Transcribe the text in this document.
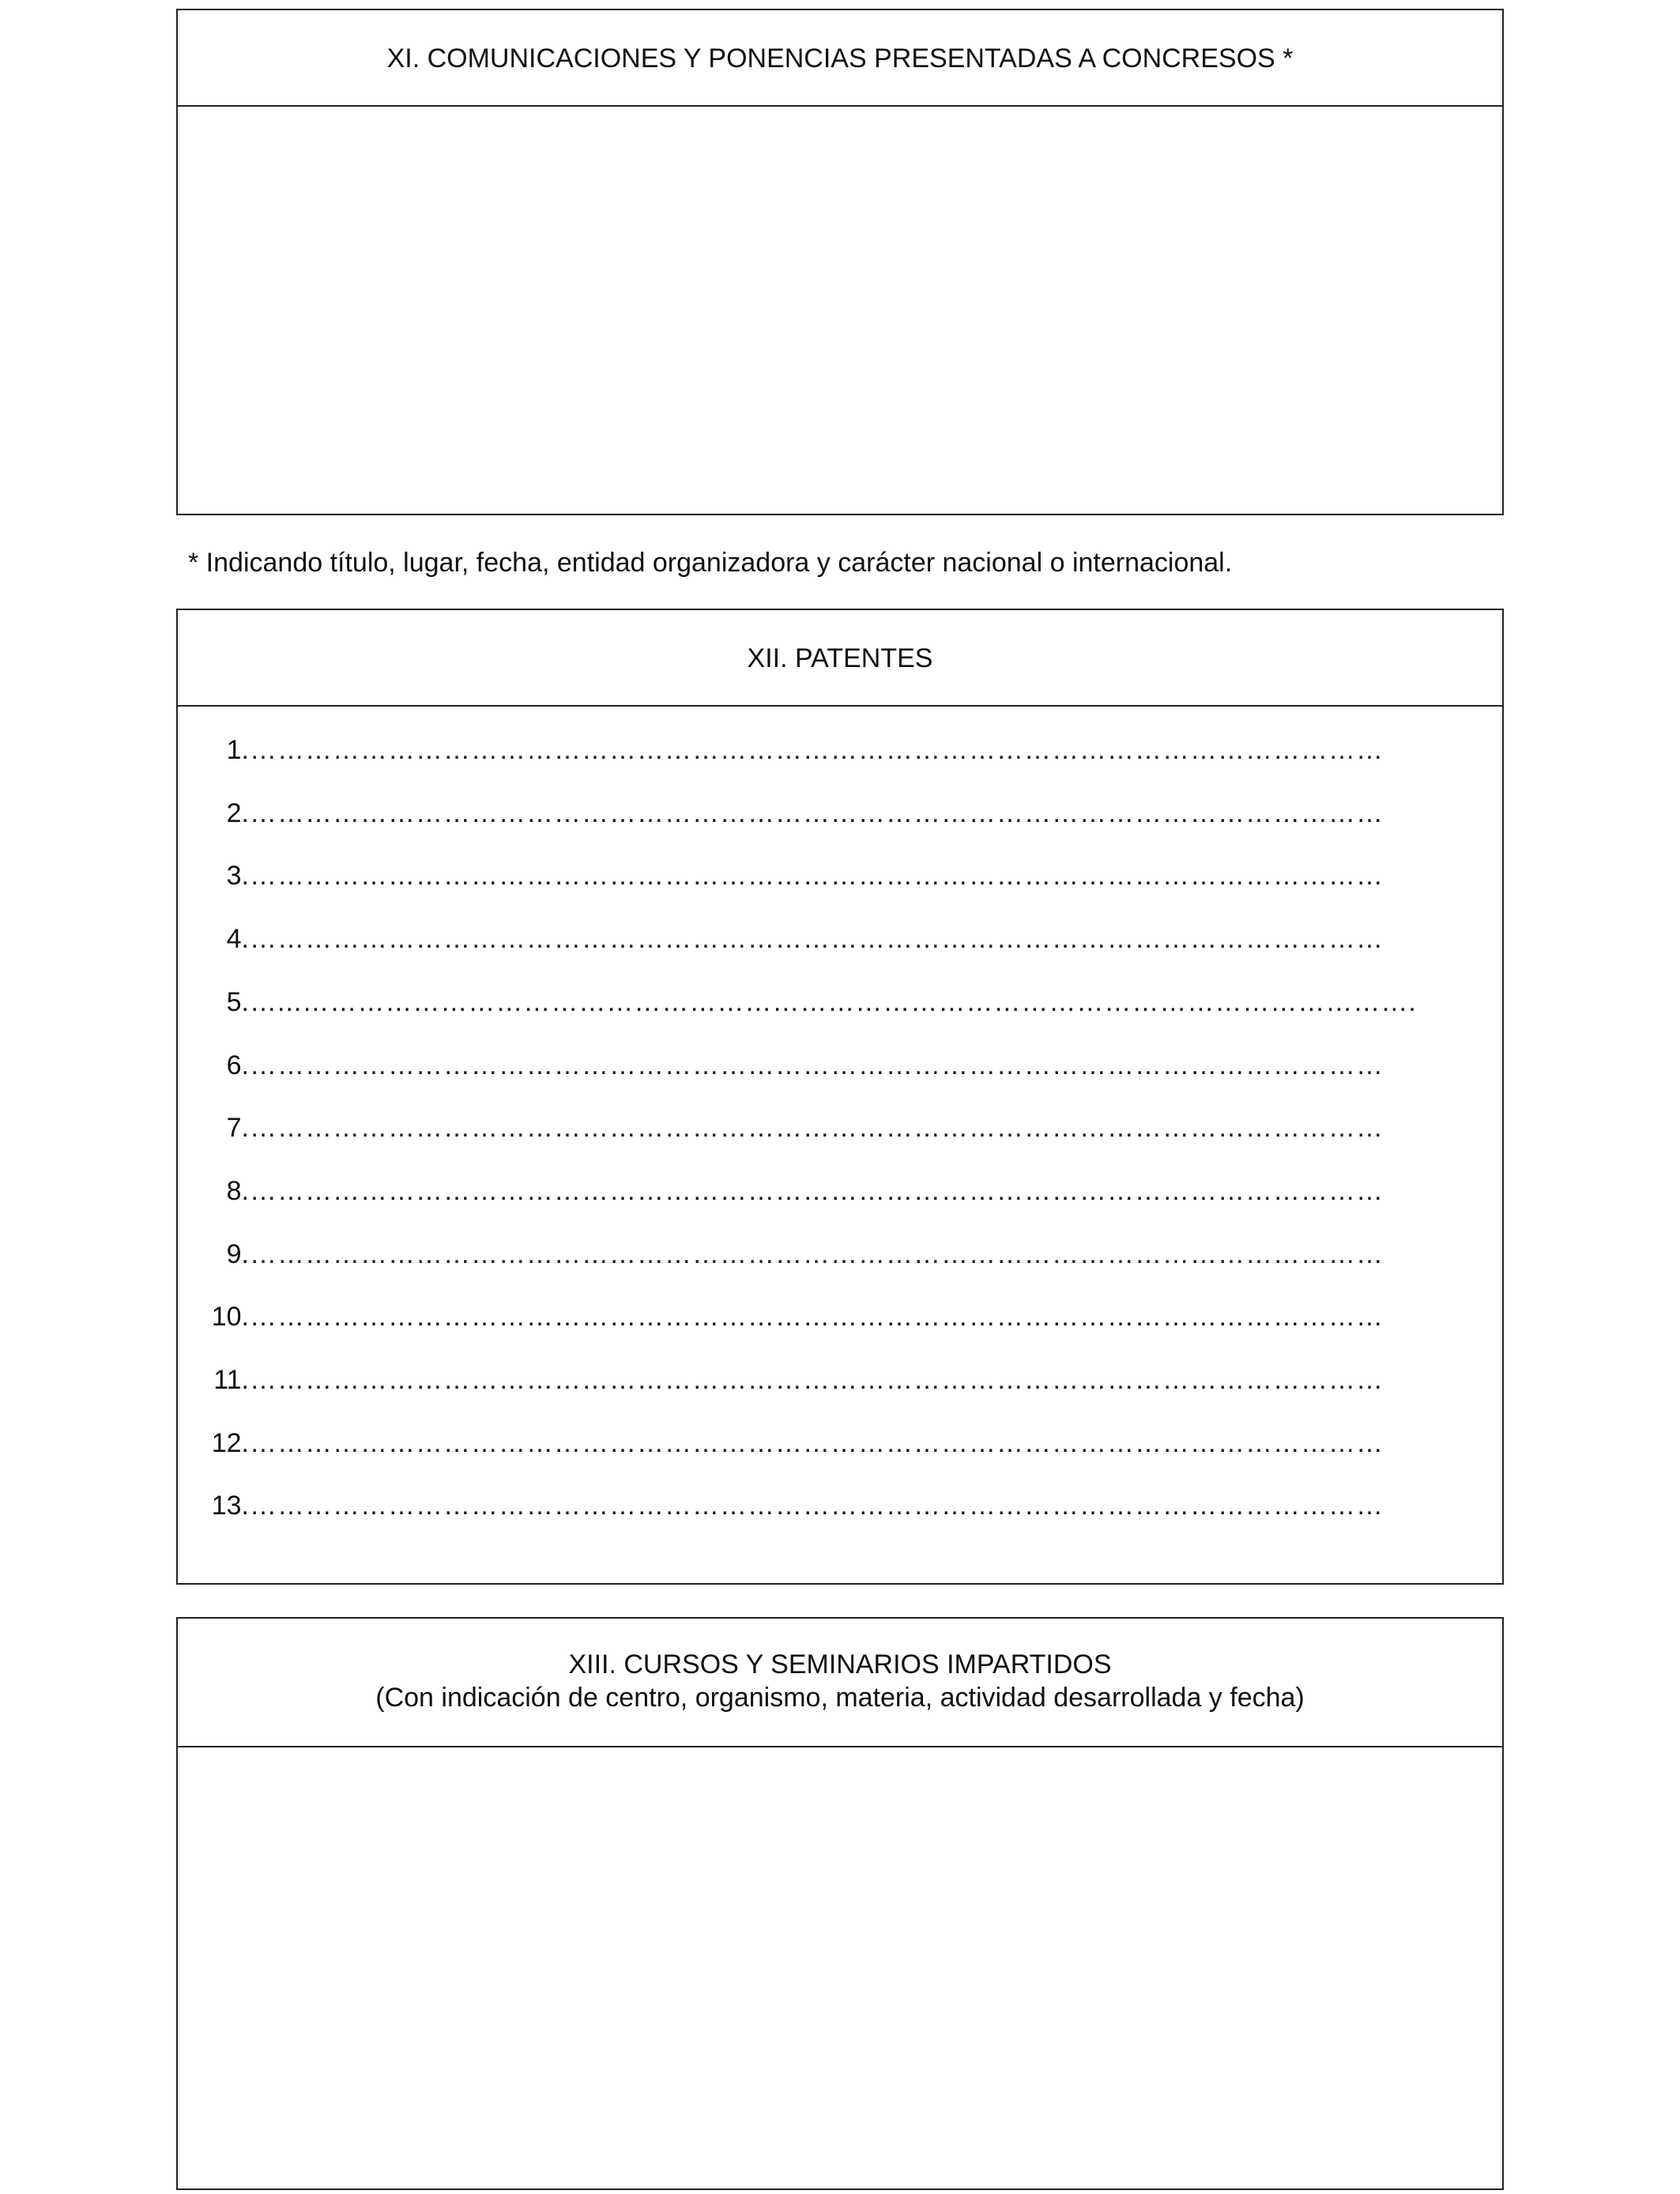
XI. COMUNICACIONES Y PONENCIAS PRESENTADAS A CONCRESOS *
* Indicando título, lugar, fecha, entidad organizadora y carácter nacional o internacional.
XII. PATENTES
1. ……………………………………………………………………………………………………………
2. ……………………………………………………………………………………………………………
3. ……………………………………………………………………………………………………………
4. ……………………………………………………………………………………………………………
5. …...………………………………………………………………………………………………………….
6. ……………………………………………………………………………………………………………
7. ……………………………………………………………………………………………………………
8. ……………………………………………………………………………………………………………
9. ……………………………………………………………………………………………………………
10. ……………………………………………………………………………………………………………
11. ……………………………………………………………………………………………………………
12. ……………………………………………………………………………………………………………
13. ……………………………………………………………………………………………………………
XIII. CURSOS Y SEMINARIOS IMPARTIDOS
(Con indicación de centro, organismo, materia, actividad desarrollada y fecha)
